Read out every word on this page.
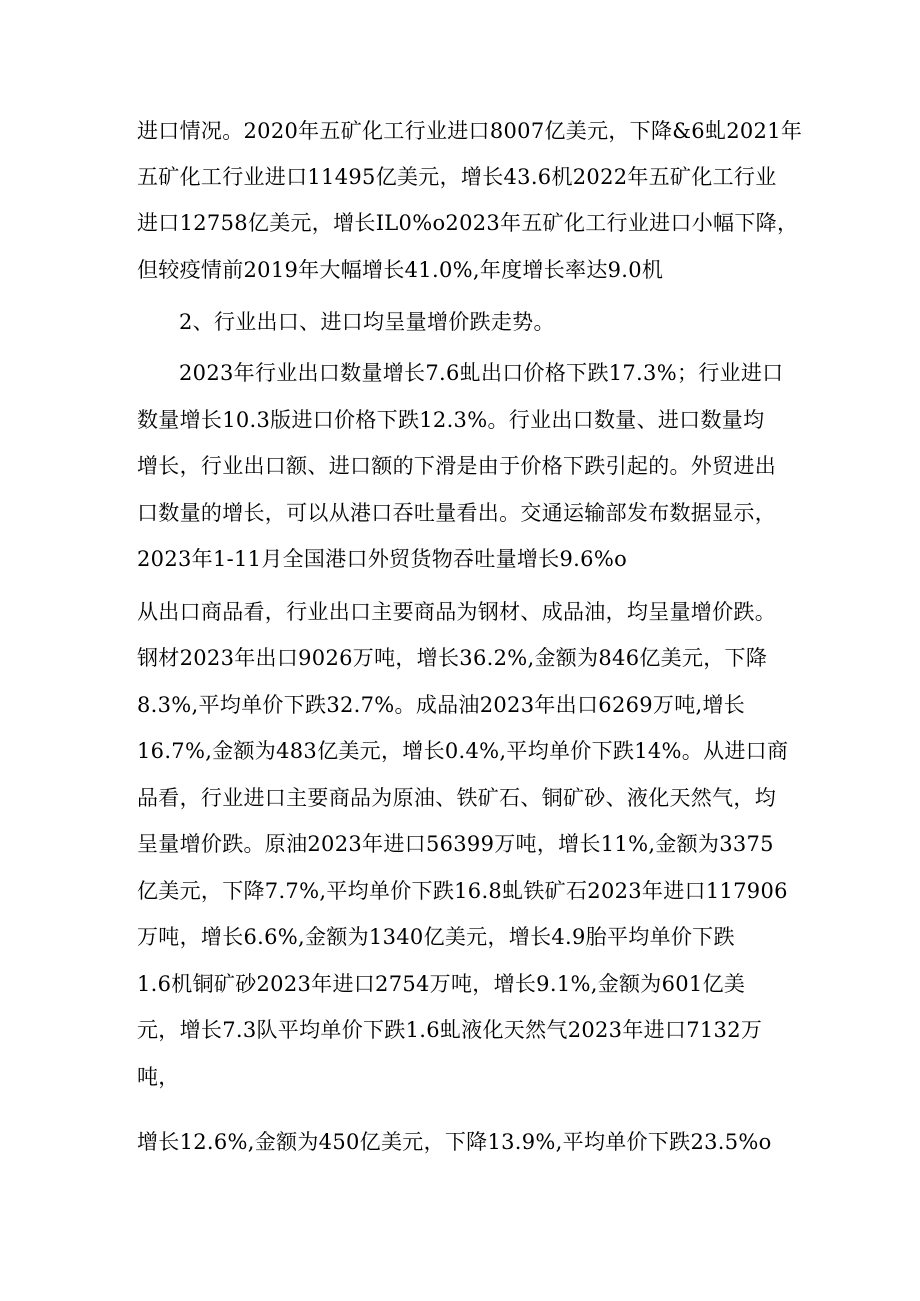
进口情况。2020年五矿化工行业进口8007亿美元，下降&6虬2021年
五矿化工行业进口11495亿美元，增长43.6机2022年五矿化工行业
进口12758亿美元，增长IL0%o2023年五矿化工行业进口小幅下降，
但较疫情前2019年大幅增长41.0%,年度增长率达9.0机
2、行业出口、进口均呈量增价跌走势。
2023年行业出口数量增长7.6虬出口价格下跌17.3%；行业进口
数量增长10.3版进口价格下跌12.3%。行业出口数量、进口数量均
增长，行业出口额、进口额的下滑是由于价格下跌引起的。外贸进出
口数量的增长，可以从港口吞吐量看出。交通运输部发布数据显示，
2023年1-11月全国港口外贸货物吞吐量增长9.6%o
从出口商品看，行业出口主要商品为钢材、成品油，均呈量增价跌。
钢材2023年出口9026万吨，增长36.2%,金额为846亿美元，下降
8.3%,平均单价下跌32.7%。成品油2023年出口6269万吨,增长
16.7%,金额为483亿美元，增长0.4%,平均单价下跌14%。从进口商
品看，行业进口主要商品为原油、铁矿石、铜矿砂、液化天然气，均
呈量增价跌。原油2023年进口56399万吨，增长11%,金额为3375
亿美元，下降7.7%,平均单价下跌16.8虬铁矿石2023年进口117906
万吨，增长6.6%,金额为1340亿美元，增长4.9胎平均单价下跌
1.6机铜矿砂2023年进口2754万吨，增长9.1%,金额为601亿美
元，增长7.3队平均单价下跌1.6虬液化天然气2023年进口7132万
吨，
增长12.6%,金额为450亿美元，下降13.9%,平均单价下跌23.5%o
